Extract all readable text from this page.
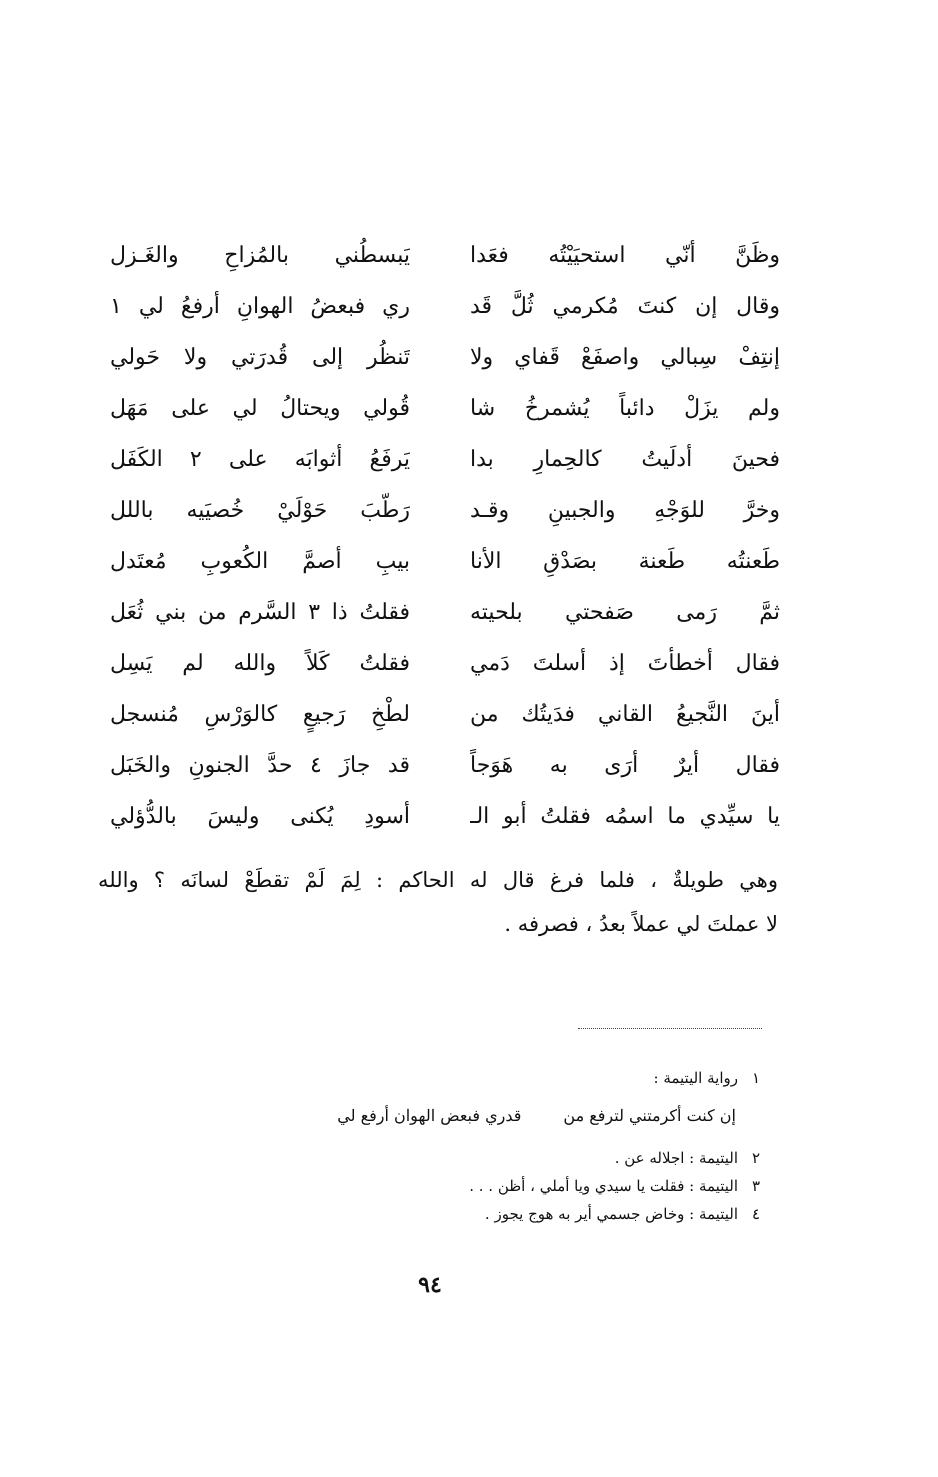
وظَنَّ أنّي استحيَيْتُه فعَدا
يَبسطُني بالمُزاحِ والغَـزل
وقال إن كنتَ مُكرمي ثُلَّ قَد
ري فبعضُ الهوانِ أرفعُ لي ١
إنتِفْ سِبالي واصفَعْ قَفاي ولا
تَنظُر إلى قُدرَتي ولا حَولي
ولم يزَلْ دائباً يُشمرخُ شا
قُولي ويحتالُ لي على مَهَل
فحينَ أدلَيتُ كالحِمارِ بدا
يَرفَعُ أثوابَه على ٢ الكَفَل
وخرَّ للوَجْهِ والجبينِ وقـد
رَطّبَ حَوْلَيْ خُصيَيه باللل
طَعنتُه طَعنة بصَدْقِ الأنا
بيبِ أصمَّ الكُعوبِ مُعتَدل
ثمَّ رَمى صَفحتي بلحيته
فقلتُ ذا ٣ السَّرم من بني ثُعَل
فقال أخطأتَ إذ أسلتَ دَمي
فقلتُ كَلاً والله لم يَسِل
أينَ النَّجيعُ القاني فدَيتُك من
لطْخِ رَجيعٍ كالوَرْسِ مُنسجل
فقال أيرٌ أرَى به هَوَجاً
قد جازَ ٤ حدَّ الجنونِ والخَبَل
يا سيِّدي ما اسمُه فقلتُ أبو الـ
أسودِ يُكنى وليسَ بالدُّؤلي

وهي طويلةٌ ، فلما فرغ قال له الحاكم : لِمَ لَمْ تقطَعْ لسانَه ؟ والله

لا عملتَ لي عملاً بعدُ ، فصرفه .

١رواية اليتيمة :

إن كنت أكرمتني لترفع منقدري فبعض الهوان أرفع لي

٢اليتيمة : اجلاله عن .

٣اليتيمة : فقلت يا سيدي ويا أملي ، أظن . . .

٤اليتيمة : وخاض جسمي أير به هوج يجوز .

٩٤
